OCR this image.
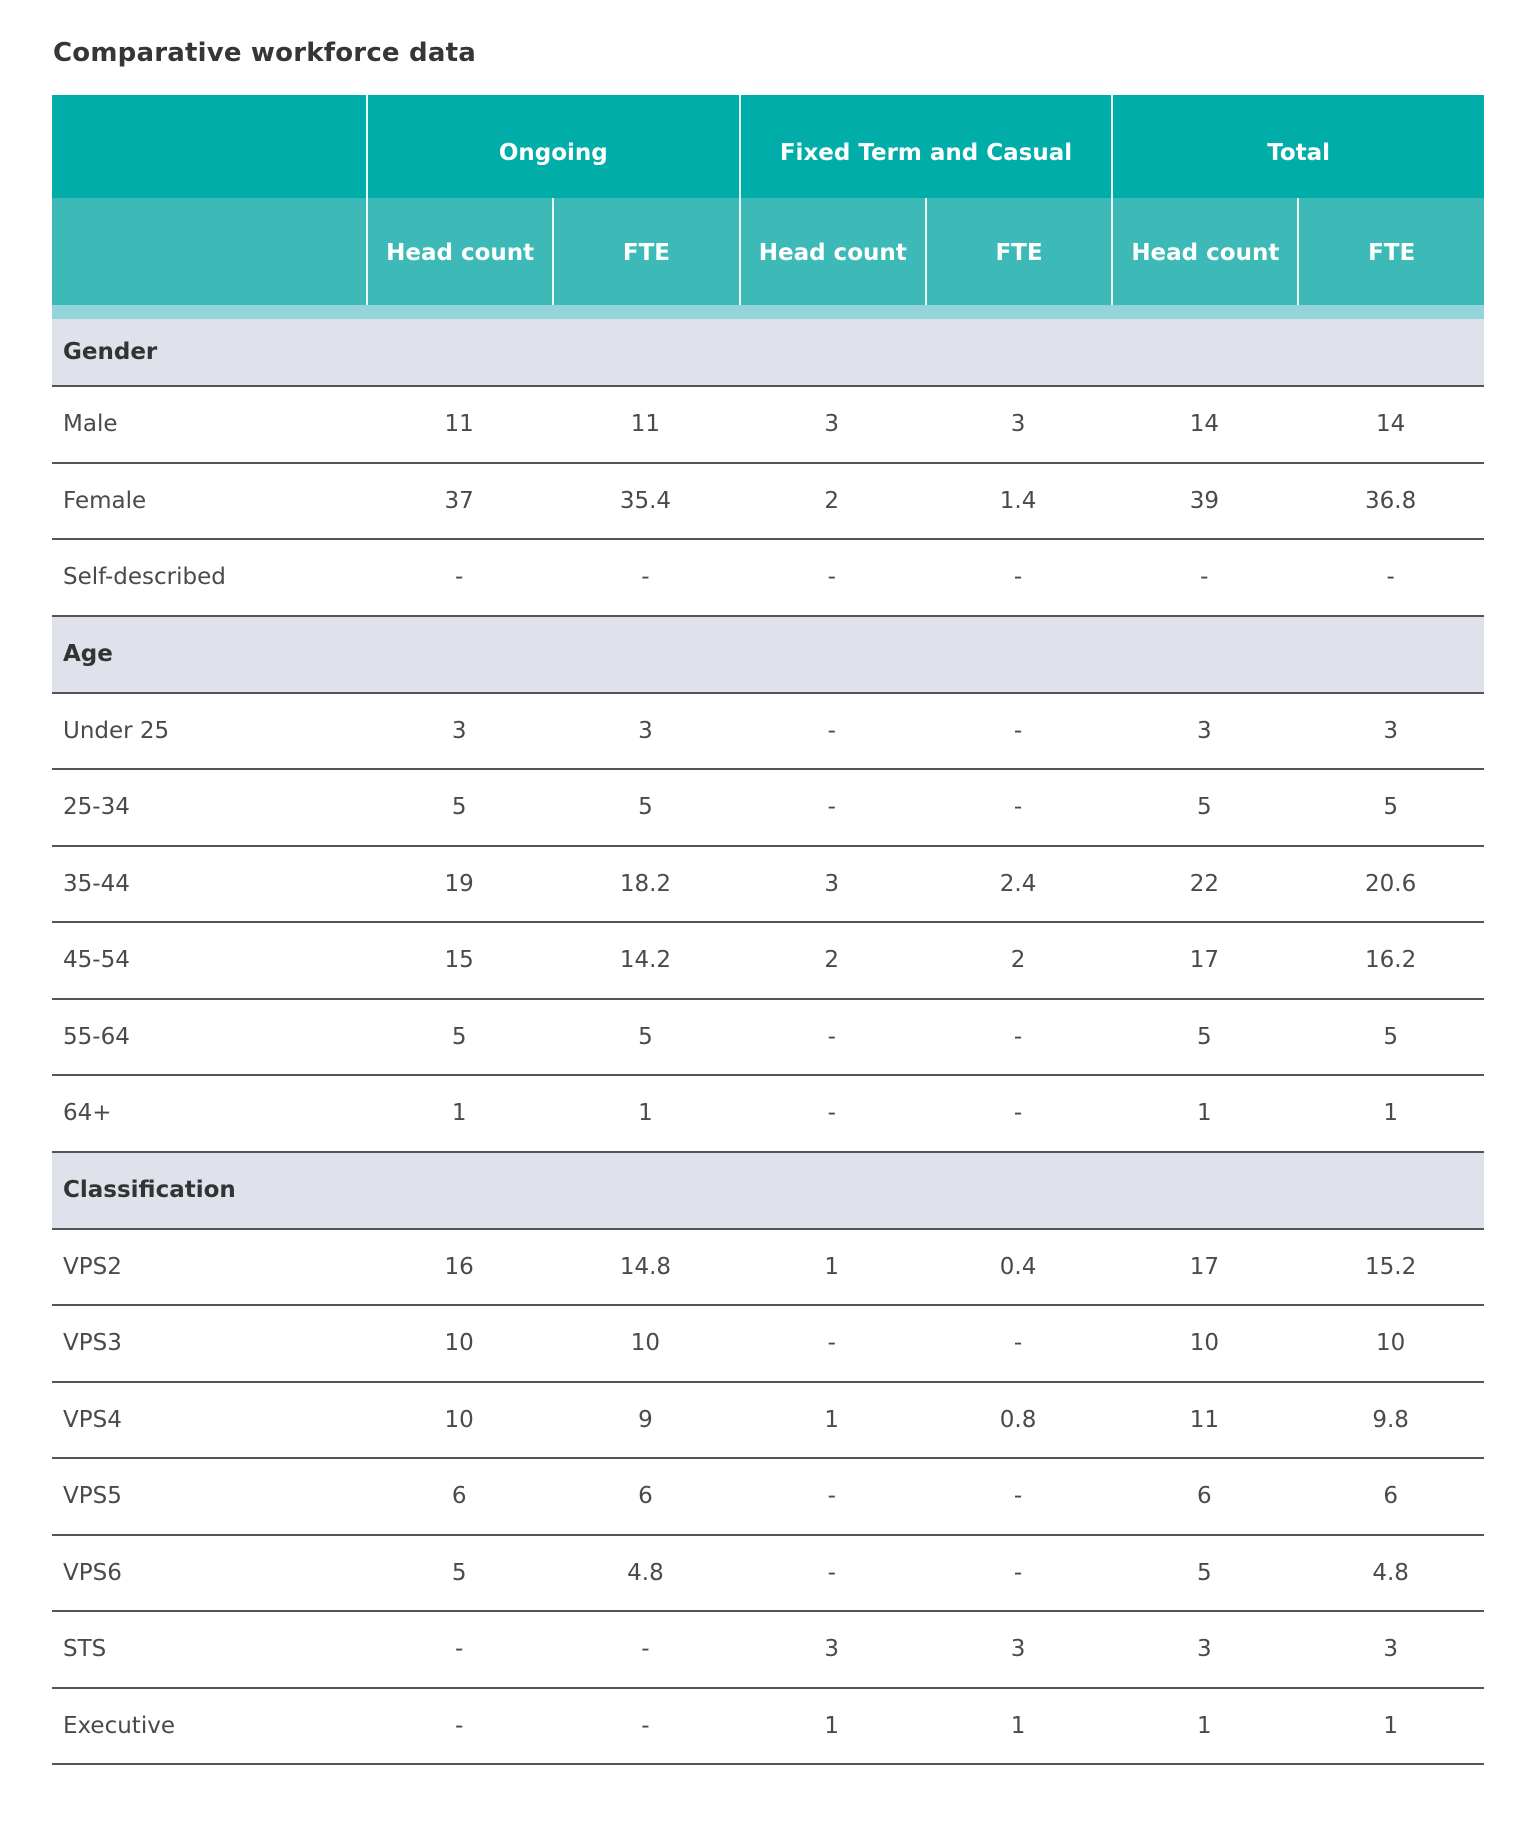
Comparative workforce data
Ongoing	Fixed Term and Casual	Total
Head count	FTE	Head count	FTE	Head count	FTE
Gender
Male	11	11	3	3	14	14
Female	37	35.4	2	1.4	39	36.8
Self-described	-	-	-	-	-	-
Age
Under 25	3	3	-	-	3	3
25-34	5	5	-	-	5	5
35-44	19	18.2	3	2.4	22	20.6
45-54	15	14.2	2	2	17	16.2
55-64	5	5	-	-	5	5
64+	1	1	-	-	1	1
Classification
VPS2	16	14.8	1	0.4	17	15.2
VPS3	10	10	-	-	10	10
VPS4	10	9	1	0.8	11	9.8
VPS5	6	6	-	-	6	6
VPS6	5	4.8	-	-	5	4.8
STS	-	-	3	3	3	3
Executive	-	-	1	1	1	1
